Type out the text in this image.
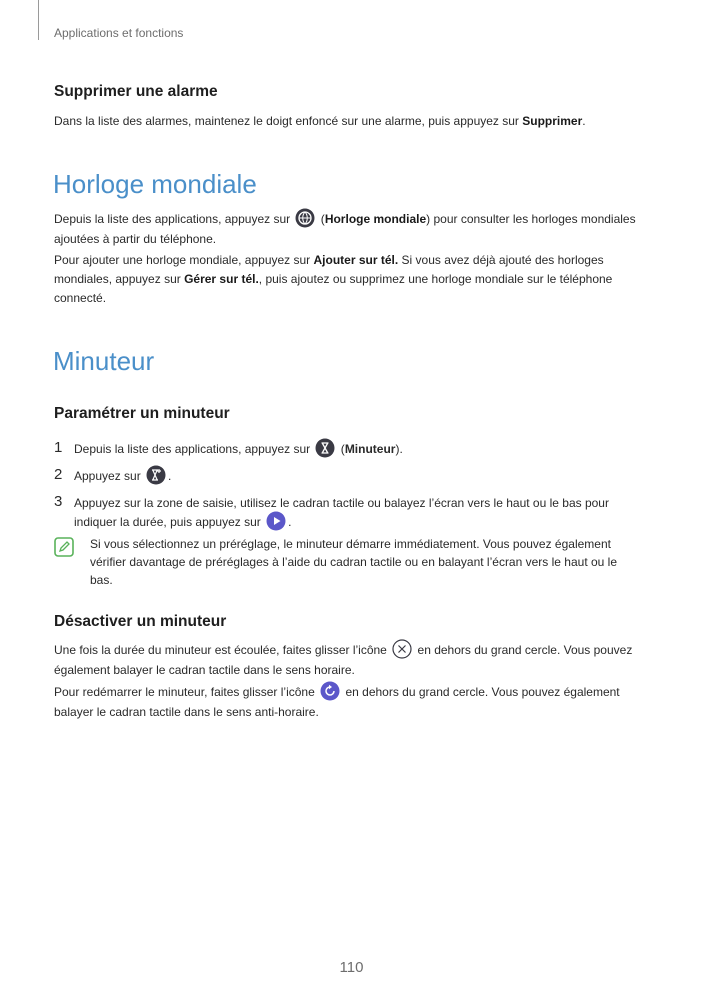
Applications et fonctions
Supprimer une alarme
Dans la liste des alarmes, maintenez le doigt enfoncé sur une alarme, puis appuyez sur Supprimer.
Horloge mondiale
Depuis la liste des applications, appuyez sur
(Horloge mondiale) pour consulter les horloges mondiales ajoutées à partir du téléphone.
Pour ajouter une horloge mondiale, appuyez sur Ajouter sur tél. Si vous avez déjà ajouté des horloges mondiales, appuyez sur Gérer sur tél., puis ajoutez ou supprimez une horloge mondiale sur le téléphone connecté.
Minuteur
Paramétrer un minuteur
1 Depuis la liste des applications, appuyez sur
(Minuteur).
2 Appuyez sur
.
3 Appuyez sur la zone de saisie, utilisez le cadran tactile ou balayez l’écran vers le haut ou le bas pour indiquer la durée, puis appuyez sur
.
Si vous sélectionnez un préréglage, le minuteur démarre immédiatement. Vous pouvez également vérifier davantage de préréglages à l’aide du cadran tactile ou en balayant l’écran vers le haut ou le bas.
Désactiver un minuteur
Une fois la durée du minuteur est écoulée, faites glisser l’icône
en dehors du grand cercle. Vous pouvez également balayer le cadran tactile dans le sens horaire.
Pour redémarrer le minuteur, faites glisser l’icône
en dehors du grand cercle. Vous pouvez également balayer le cadran tactile dans le sens anti-horaire.
110
